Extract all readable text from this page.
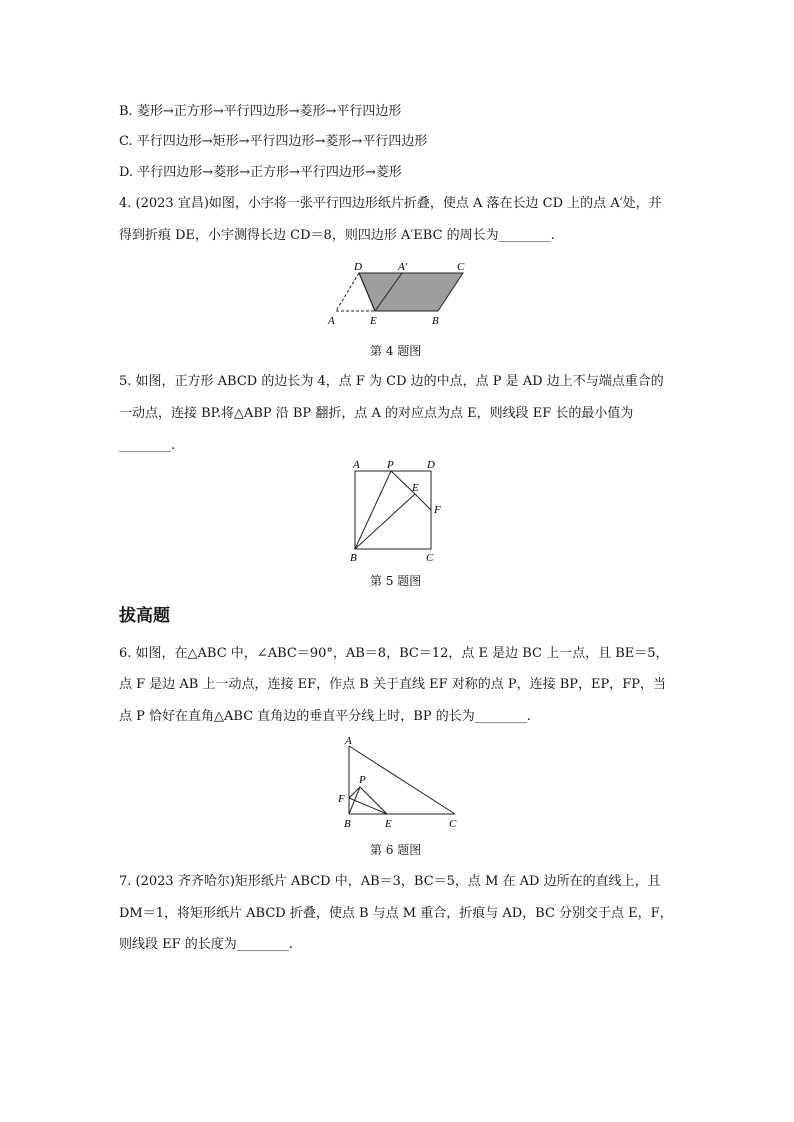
B. 菱形→正方形→平行四边形→菱形→平行四边形
C. 平行四边形→矩形→平行四边形→菱形→平行四边形
D. 平行四边形→菱形→正方形→平行四边形→菱形
4. (2023 宜昌)如图，小宇将一张平行四边形纸片折叠，使点 A 落在长边 CD 上的点 A′处，并
得到折痕 DE，小宇测得长边 CD＝8，则四边形 A′EBC 的周长为________.
D	A′	C
A	E	B
第 4 题图
5. 如图，正方形 ABCD 的边长为 4，点 F 为 CD 边的中点，点 P 是 AD 边上不与端点重合的
一动点，连接 BP.将△ABP 沿 BP 翻折，点 A 的对应点为点 E，则线段 EF 长的最小值为
________.
A P	D
E
F
B	C
第 5 题图
拔高题
6. 如图，在△ABC 中，∠ABC＝90°，AB＝8，BC＝12，点 E 是边 BC 上一点，且 BE＝5，
点 F 是边 AB 上一动点，连接 EF，作点 B 关于直线 EF 对称的点 P，连接 BP，EP，FP，当
点 P 恰好在直角△ABC 直角边的垂直平分线上时，BP 的长为________.
A
P
F
B	E	C
第 6 题图
7. (2023 齐齐哈尔)矩形纸片 ABCD 中，AB＝3，BC＝5，点 M 在 AD 边所在的直线上，且
DM＝1，将矩形纸片 ABCD 折叠，使点 B 与点 M 重合，折痕与 AD，BC 分别交于点 E，F，
则线段 EF 的长度为________.
